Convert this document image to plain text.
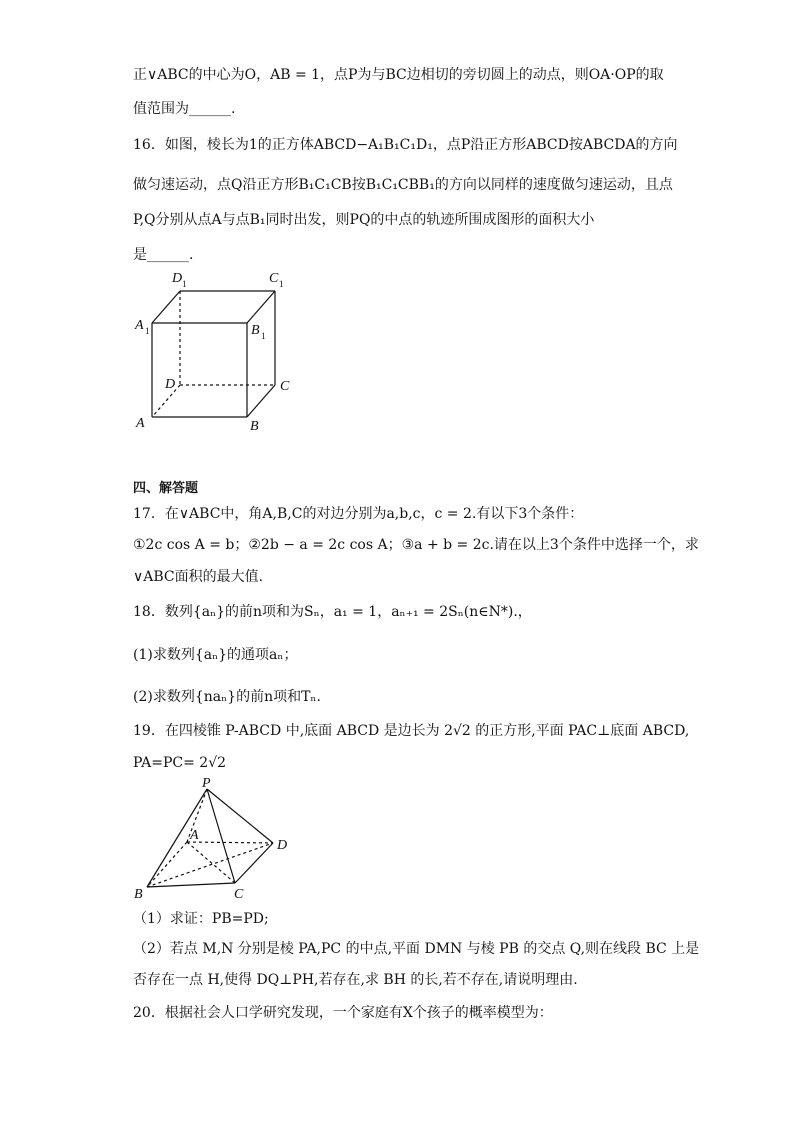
正∨ABC的中心为O，AB = 1，点P为与BC边相切的旁切圆上的动点，则OA·OP的取
值范围为______.
16．如图，棱长为1的正方体ABCD−A₁B₁C₁D₁，点P沿正方形ABCD按ABCDA的方向
做匀速运动，点Q沿正方形B₁C₁CB按B₁C₁CBB₁的方向以同样的速度做匀速运动，且点
P,Q分别从点A与点B₁同时出发，则PQ的中点的轨迹所围成图形的面积大小
是______.
A	B
C
D
A 1	B 1
D 1	C 1
四、解答题
17．在∨ABC中，角A,B,C的对边分别为a,b,c，c = 2.有以下3个条件：
①2c cos A = b；②2b − a = 2c cos A；③a + b = 2c.请在以上3个条件中选择一个，求
∨ABC面积的最大值.
18．数列{aₙ}的前n项和为Sₙ，a₁ = 1，aₙ₊₁ = 2Sₙ(n∈N*).，
(1)求数列{aₙ}的通项aₙ；
(2)求数列{naₙ}的前n项和Tₙ.
19．在四棱锥 P-ABCD 中,底面 ABCD 是边长为 2√2 的正方形,平面 PAC⊥底面 ABCD,
PA=PC= 2√2
P
A
B	C
D
（1）求证：PB=PD;
（2）若点 M,N 分别是棱 PA,PC 的中点,平面 DMN 与棱 PB 的交点 Q,则在线段 BC 上是
否存在一点 H,使得 DQ⊥PH,若存在,求 BH 的长,若不存在,请说明理由.
20．根据社会人口学研究发现，一个家庭有X个孩子的概率模型为：
